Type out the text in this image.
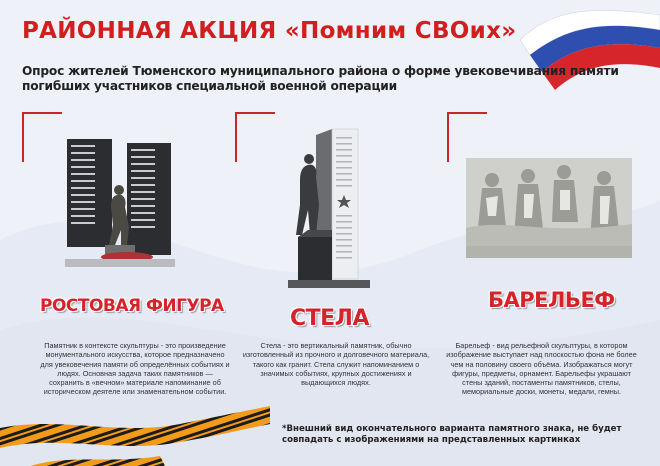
РАЙОННАЯ АКЦИЯ «Помним СВОих»
Опрос жителей Тюменского муниципального района о форме увековечивания памяти погибших участников специальной военной операции
РОСТОВАЯ ФИГУРА	СТЕЛА
БАРЕЛЬЕФ
Памятник в контексте скульптуры - это произведение монументального искусства, которое предназначено для увековечения памяти об определённых событиях и людях. Основная задача таких памятников — сохранить в «вечном» материале напоминание об историческом деятеле или знаменательном событии.
Стела - это вертикальный памятник, обычно изготовленный из прочного и долговечного материала, такого как гранит. Стела служит напоминанием о значимых событиях, крупных достижениях и выдающихся людях.
Барельеф - вид рельефной скульптуры, в котором изображение выступает над плоскостью фона не более чем на половину своего объёма. Изображаться могут фигуры, предметы, орнамент. Барельефы украшают стены зданий, постаменты памятников, стелы, мемориальные доски, монеты, медали, гемны.
*Внешний вид окончательного варианта памятного знака, не будет совпадать с изображениями на представленных картинках
